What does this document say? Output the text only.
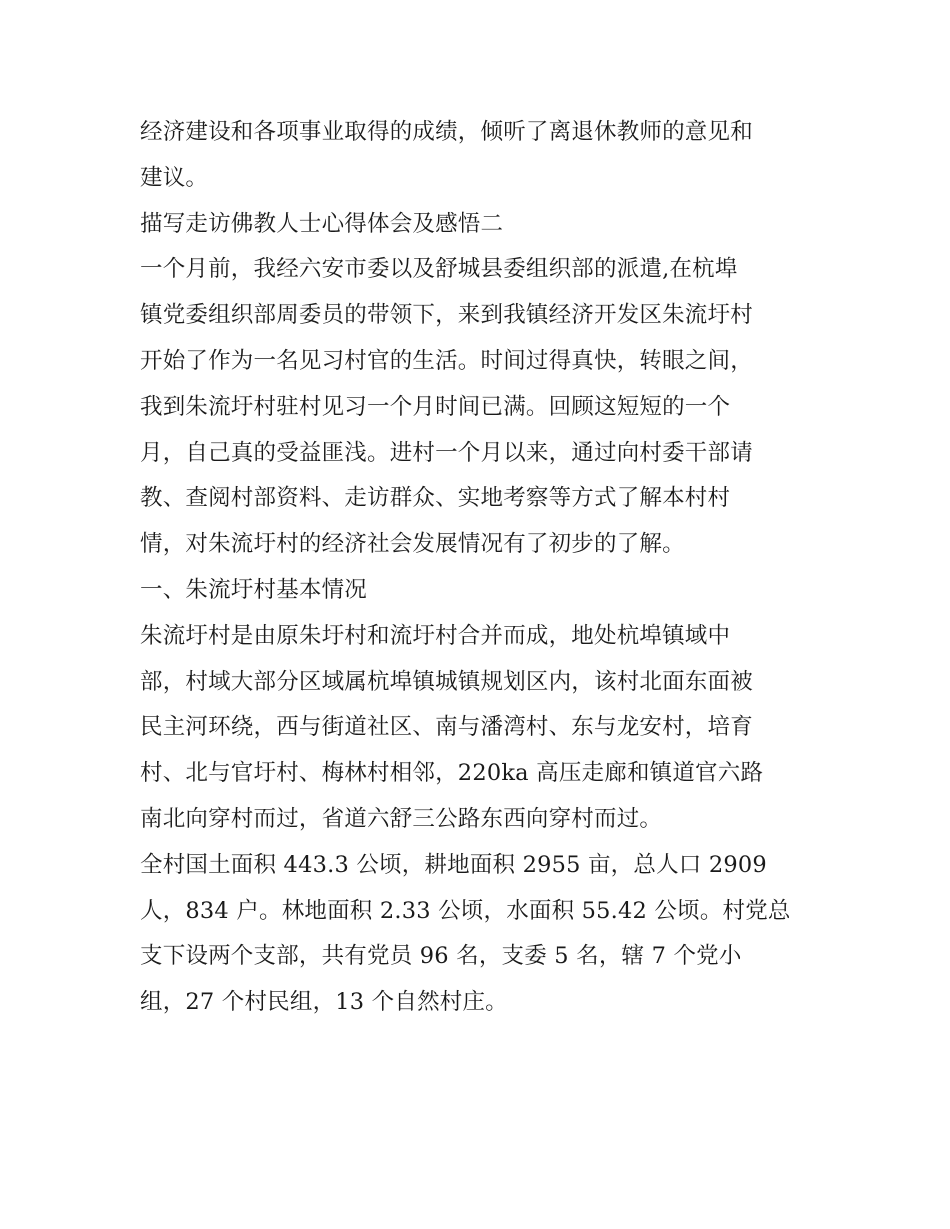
经济建设和各项事业取得的成绩，倾听了离退休教师的意见和
建议。
描写走访佛教人士心得体会及感悟二
一个月前，我经六安市委以及舒城县委组织部的派遣,在杭埠
镇党委组织部周委员的带领下，来到我镇经济开发区朱流圩村
开始了作为一名见习村官的生活。时间过得真快，转眼之间，
我到朱流圩村驻村见习一个月时间已满。回顾这短短的一个
月，自己真的受益匪浅。进村一个月以来，通过向村委干部请
教、查阅村部资料、走访群众、实地考察等方式了解本村村
情，对朱流圩村的经济社会发展情况有了初步的了解。
一、朱流圩村基本情况
朱流圩村是由原朱圩村和流圩村合并而成，地处杭埠镇域中
部，村域大部分区域属杭埠镇城镇规划区内，该村北面东面被
民主河环绕，西与街道社区、南与潘湾村、东与龙安村，培育
村、北与官圩村、梅林村相邻，220ka 高压走廊和镇道官六路
南北向穿村而过，省道六舒三公路东西向穿村而过。
全村国土面积 443.3 公顷，耕地面积 2955 亩，总人口 2909
人，834 户。林地面积 2.33 公顷，水面积 55.42 公顷。村党总
支下设两个支部，共有党员 96 名，支委 5 名，辖 7 个党小
组，27 个村民组，13 个自然村庄。
